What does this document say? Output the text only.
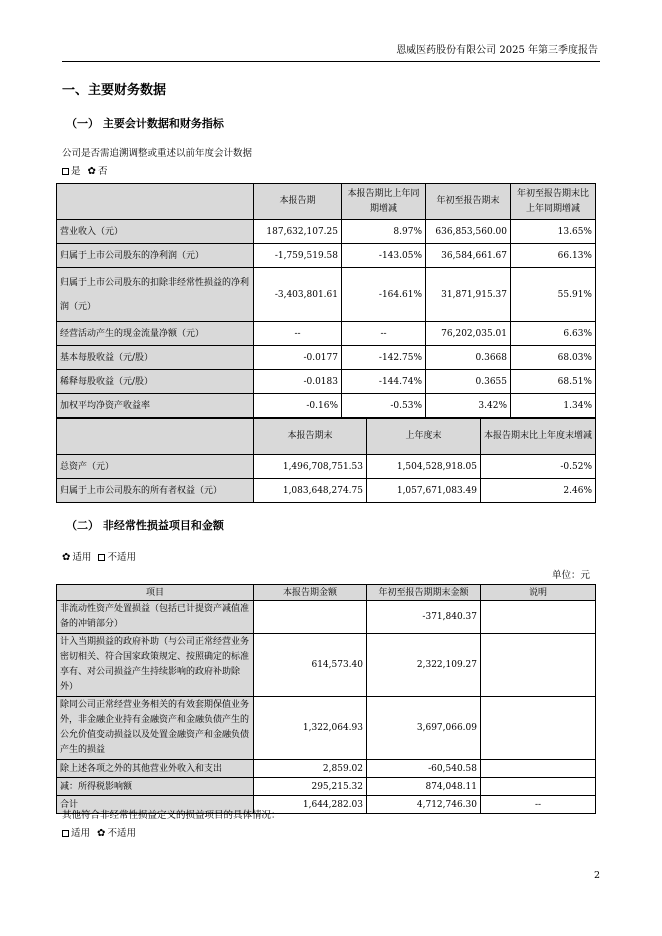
恩威医药股份有限公司 2025 年第三季度报告
一、主要财务数据
（一） 主要会计数据和财务指标
公司是否需追溯调整或重述以前年度会计数据
是 ✿ 否
	本报告期	本报告期比上年同期增减	年初至报告期末	年初至报告期末比上年同期增减
营业收入（元）	187,632,107.25	8.97%	636,853,560.00	13.65%
归属于上市公司股东的净利润（元）	-1,759,519.58	-143.05%	36,584,661.67	66.13%
归属于上市公司股东的扣除非经常性损益的净利润（元）	-3,403,801.61	-164.61%	31,871,915.37	55.91%
经营活动产生的现金流量净额（元）	--	--	76,202,035.01	6.63%
基本每股收益（元/股）	-0.0177	-142.75%	0.3668	68.03%
稀释每股收益（元/股）	-0.0183	-144.74%	0.3655	68.51%
加权平均净资产收益率	-0.16%	-0.53%	3.42%	1.34%
	本报告期末	上年度末	本报告期末比上年度末增减
总资产（元）	1,496,708,751.53	1,504,528,918.05	-0.52%
归属于上市公司股东的所有者权益（元）	1,083,648,274.75	1,057,671,083.49	2.46%
（二） 非经常性损益项目和金额
✿ 适用 不适用
单位：元
项目	本报告期金额	年初至报告期期末金额	说明
非流动性资产处置损益（包括已计提资产减值准备的冲销部分）		-371,840.37	
计入当期损益的政府补助（与公司正常经营业务密切相关、符合国家政策规定、按照确定的标准享有、对公司损益产生持续影响的政府补助除外）	614,573.40	2,322,109.27	
除同公司正常经营业务相关的有效套期保值业务外，非金融企业持有金融资产和金融负债产生的公允价值变动损益以及处置金融资产和金融负债产生的损益	1,322,064.93	3,697,066.09	
除上述各项之外的其他营业外收入和支出	2,859.02	-60,540.58	
减：所得税影响额	295,215.32	874,048.11	
合计	1,644,282.03	4,712,746.30	--
其他符合非经常性损益定义的损益项目的具体情况：
适用 ✿ 不适用
2
